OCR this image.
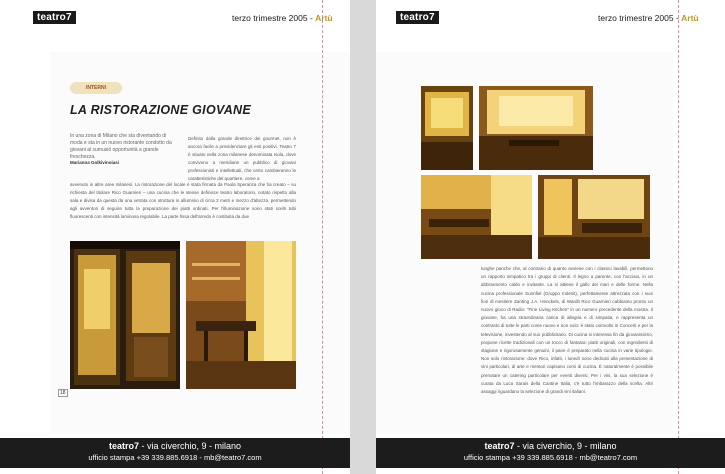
teatro7	terzo trimestre 2005 - Artù
INTERNI
LA RISTORAZIONE GIOVANE
In una zona di Milano che sta diventando di moda e sta in un nuovo ristorante condotto da giovani al sumusió opportunità a grande freschezza.
Marianna Golkivinoiasi
Definito dalla grande direttrice dei gourmet, non è ancora facile a previdenziare gli enti positivi. Teatro 7 è situato nella zona milanese denominata Isola, dove convivono a meridiane un pubblico di giovani professionisti e intellettuali, che certo cambieranno le caratteristiche del quartiere, come a
avvenuto in altre aree milanesi. La ristorazione del locale è stata firmata da Paola Speranza che ha creato – su richiesta del titolare Rico Guarnieri – una cucina che le stesse definisce teatro laboratorio, notato rispetto alla sala e divisa da questa da una vetrata con struttura in alluminio di circa 2 metri e mezzo d'altezza, permettendo agli avventori di seguire tutta la preparazione dei piatti ordinati. Per l'illuminazione sono stati scelti tubi fluorescenti con intensità luminosa regolabile. La parte fissa dell'arredo è costituita da due
18
teatro7 - via civerchio, 9 - milano
ufficio stampa +39 339.885.6918 - mb@teatro7.com
teatro7	terzo trimestre 2005 - Artù
lunghe panche che, al contrario di quanto avviene con i classici lavabili, permettono un rapporto simpatico tra i gruppi di clienti. Il legno a parente, con l'acciaio, in un abbinamento caldo e invitante. La si attiene il gallo dei mari e delle forme. Nella cucina professionale Sunnfiel (Gruppo Indesit), perfettamente attrezzata con i suoi fiori di mestiere Zanting J.A. Henckels, di Wardit Rico Guarnieri cabbiamo pronto un nuovo gioco di Radio: "Fine Living Kitchen" in un numero precedente della mostra. Il giovane, ha una straordinaria carica di allegria e di simpatia, e rappresenta un contrasto di tutte le parti come nuovo e non solo: è stato coinvolto in Concerti e per la televisione, investendo al suo pubblicitario. Di cucina si interessa fin da giovanissimo, propone ricette tradizionali con un tocco di fantasia: piatti originali, con ingredienti di stagione e rigorosamente genuini, il pane è preparato nella cucina in varie tipologie. Non solo ristorazione: dove Rico, infatti, i lunedì sono dedicati alla presentazione di vini particolari, di arte e mentori capisano corsi di cucina. È naturalmente è possibile prenotare un catering particolare per eventi diversi. Per i vini, la sua selezione è curata da Luca Sarais della Cantine Italia, c'è tutto l'imbarazzo della scelta. Altri assaggi riguardano la selezione di grandi vini italiani.
teatro7 - via civerchio, 9 - milano
ufficio stampa +39 339.885.6918 - mb@teatro7.com
